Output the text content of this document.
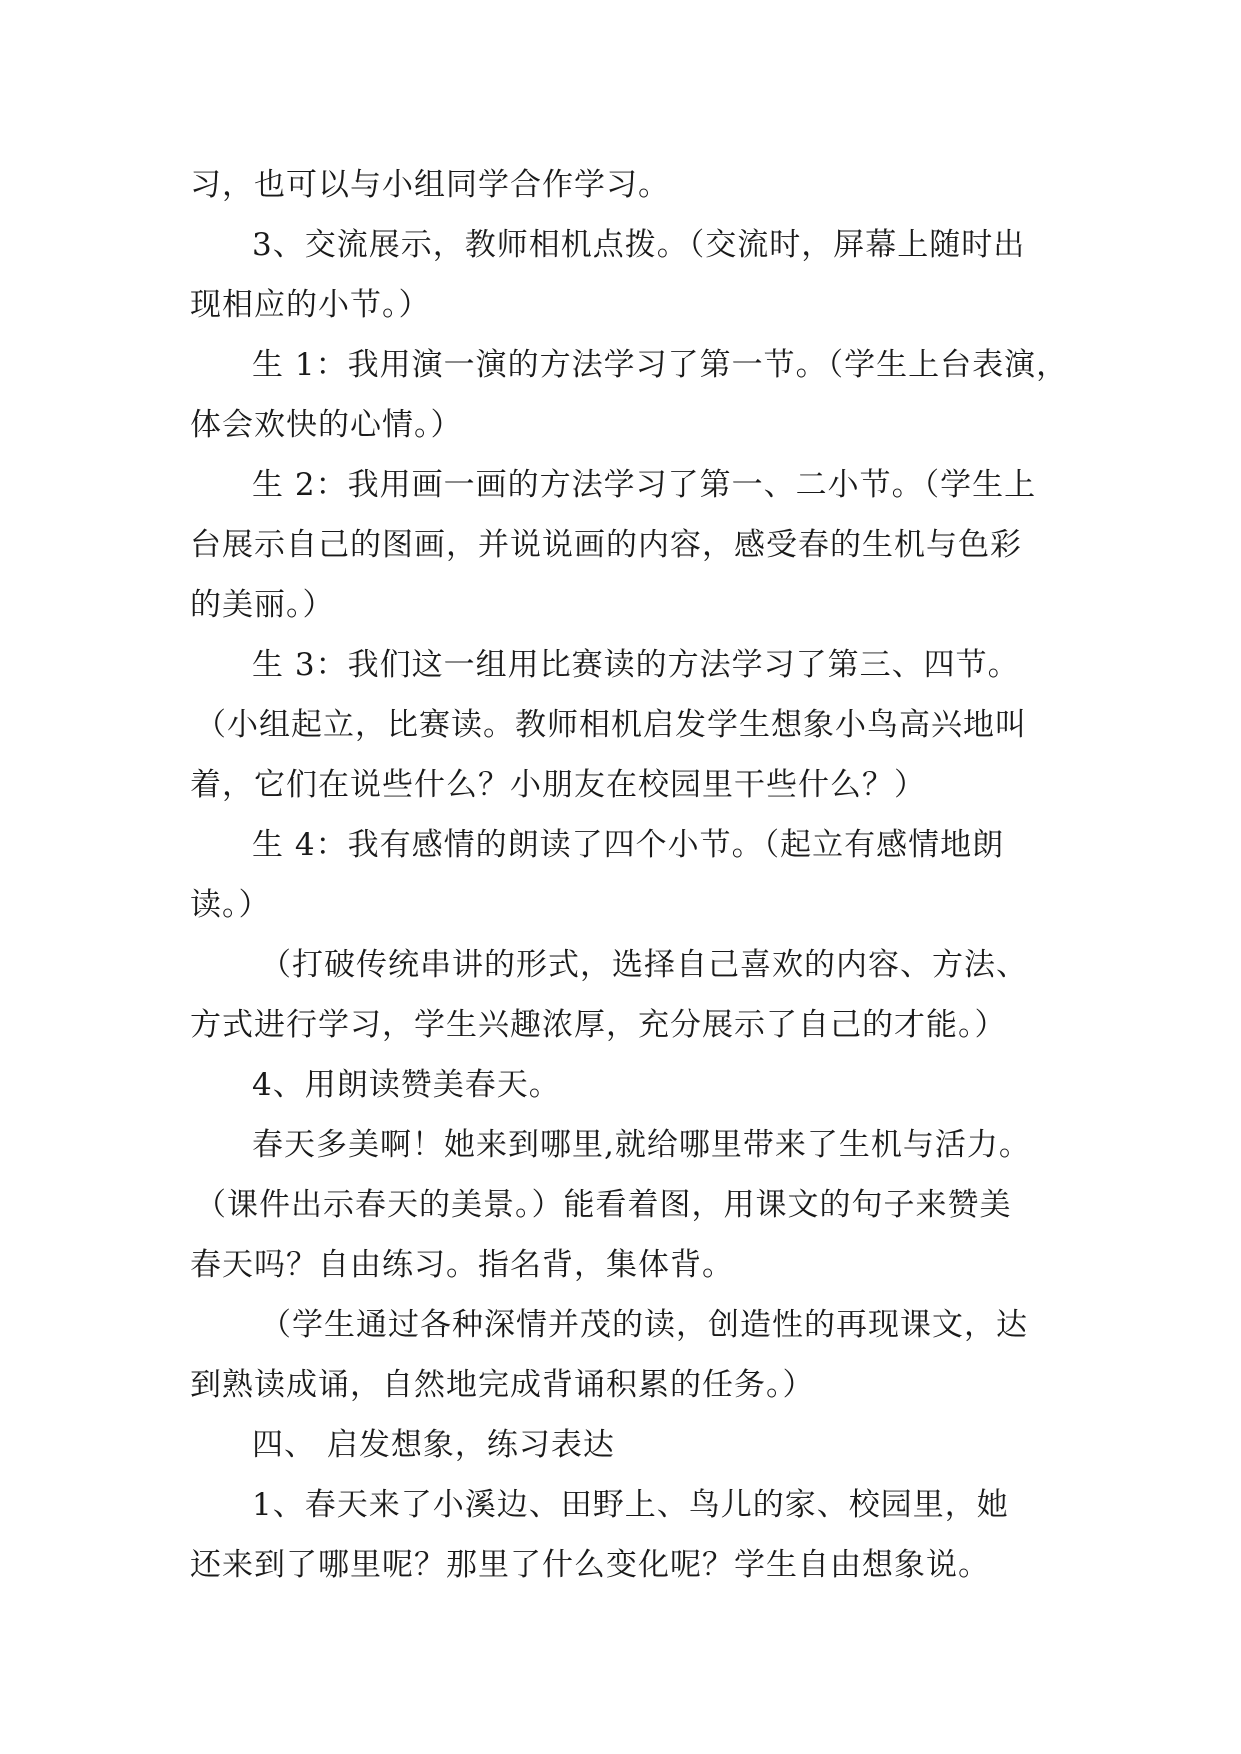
习，也可以与小组同学合作学习。
3、交流展示，教师相机点拨。（交流时，屏幕上随时出
现相应的小节。）
生 1：我用演一演的方法学习了第一节。（学生上台表演，
体会欢快的心情。）
生 2：我用画一画的方法学习了第一、二小节。（学生上
台展示自己的图画，并说说画的内容，感受春的生机与色彩
的美丽。）
生 3：我们这一组用比赛读的方法学习了第三、四节。
（小组起立，比赛读。教师相机启发学生想象小鸟高兴地叫
着，它们在说些什么？小朋友在校园里干些什么？）
生 4：我有感情的朗读了四个小节。（起立有感情地朗
读。）
（打破传统串讲的形式，选择自己喜欢的内容、方法、
方式进行学习，学生兴趣浓厚，充分展示了自己的才能。）
4、用朗读赞美春天。
春天多美啊！她来到哪里,就给哪里带来了生机与活力。
（课件出示春天的美景。）能看着图，用课文的句子来赞美
春天吗？自由练习。指名背，集体背。
（学生通过各种深情并茂的读，创造性的再现课文，达
到熟读成诵，自然地完成背诵积累的任务。）
四、 启发想象，练习表达
1、春天来了小溪边、田野上、鸟儿的家、校园里，她
还来到了哪里呢？那里了什么变化呢？学生自由想象说。
